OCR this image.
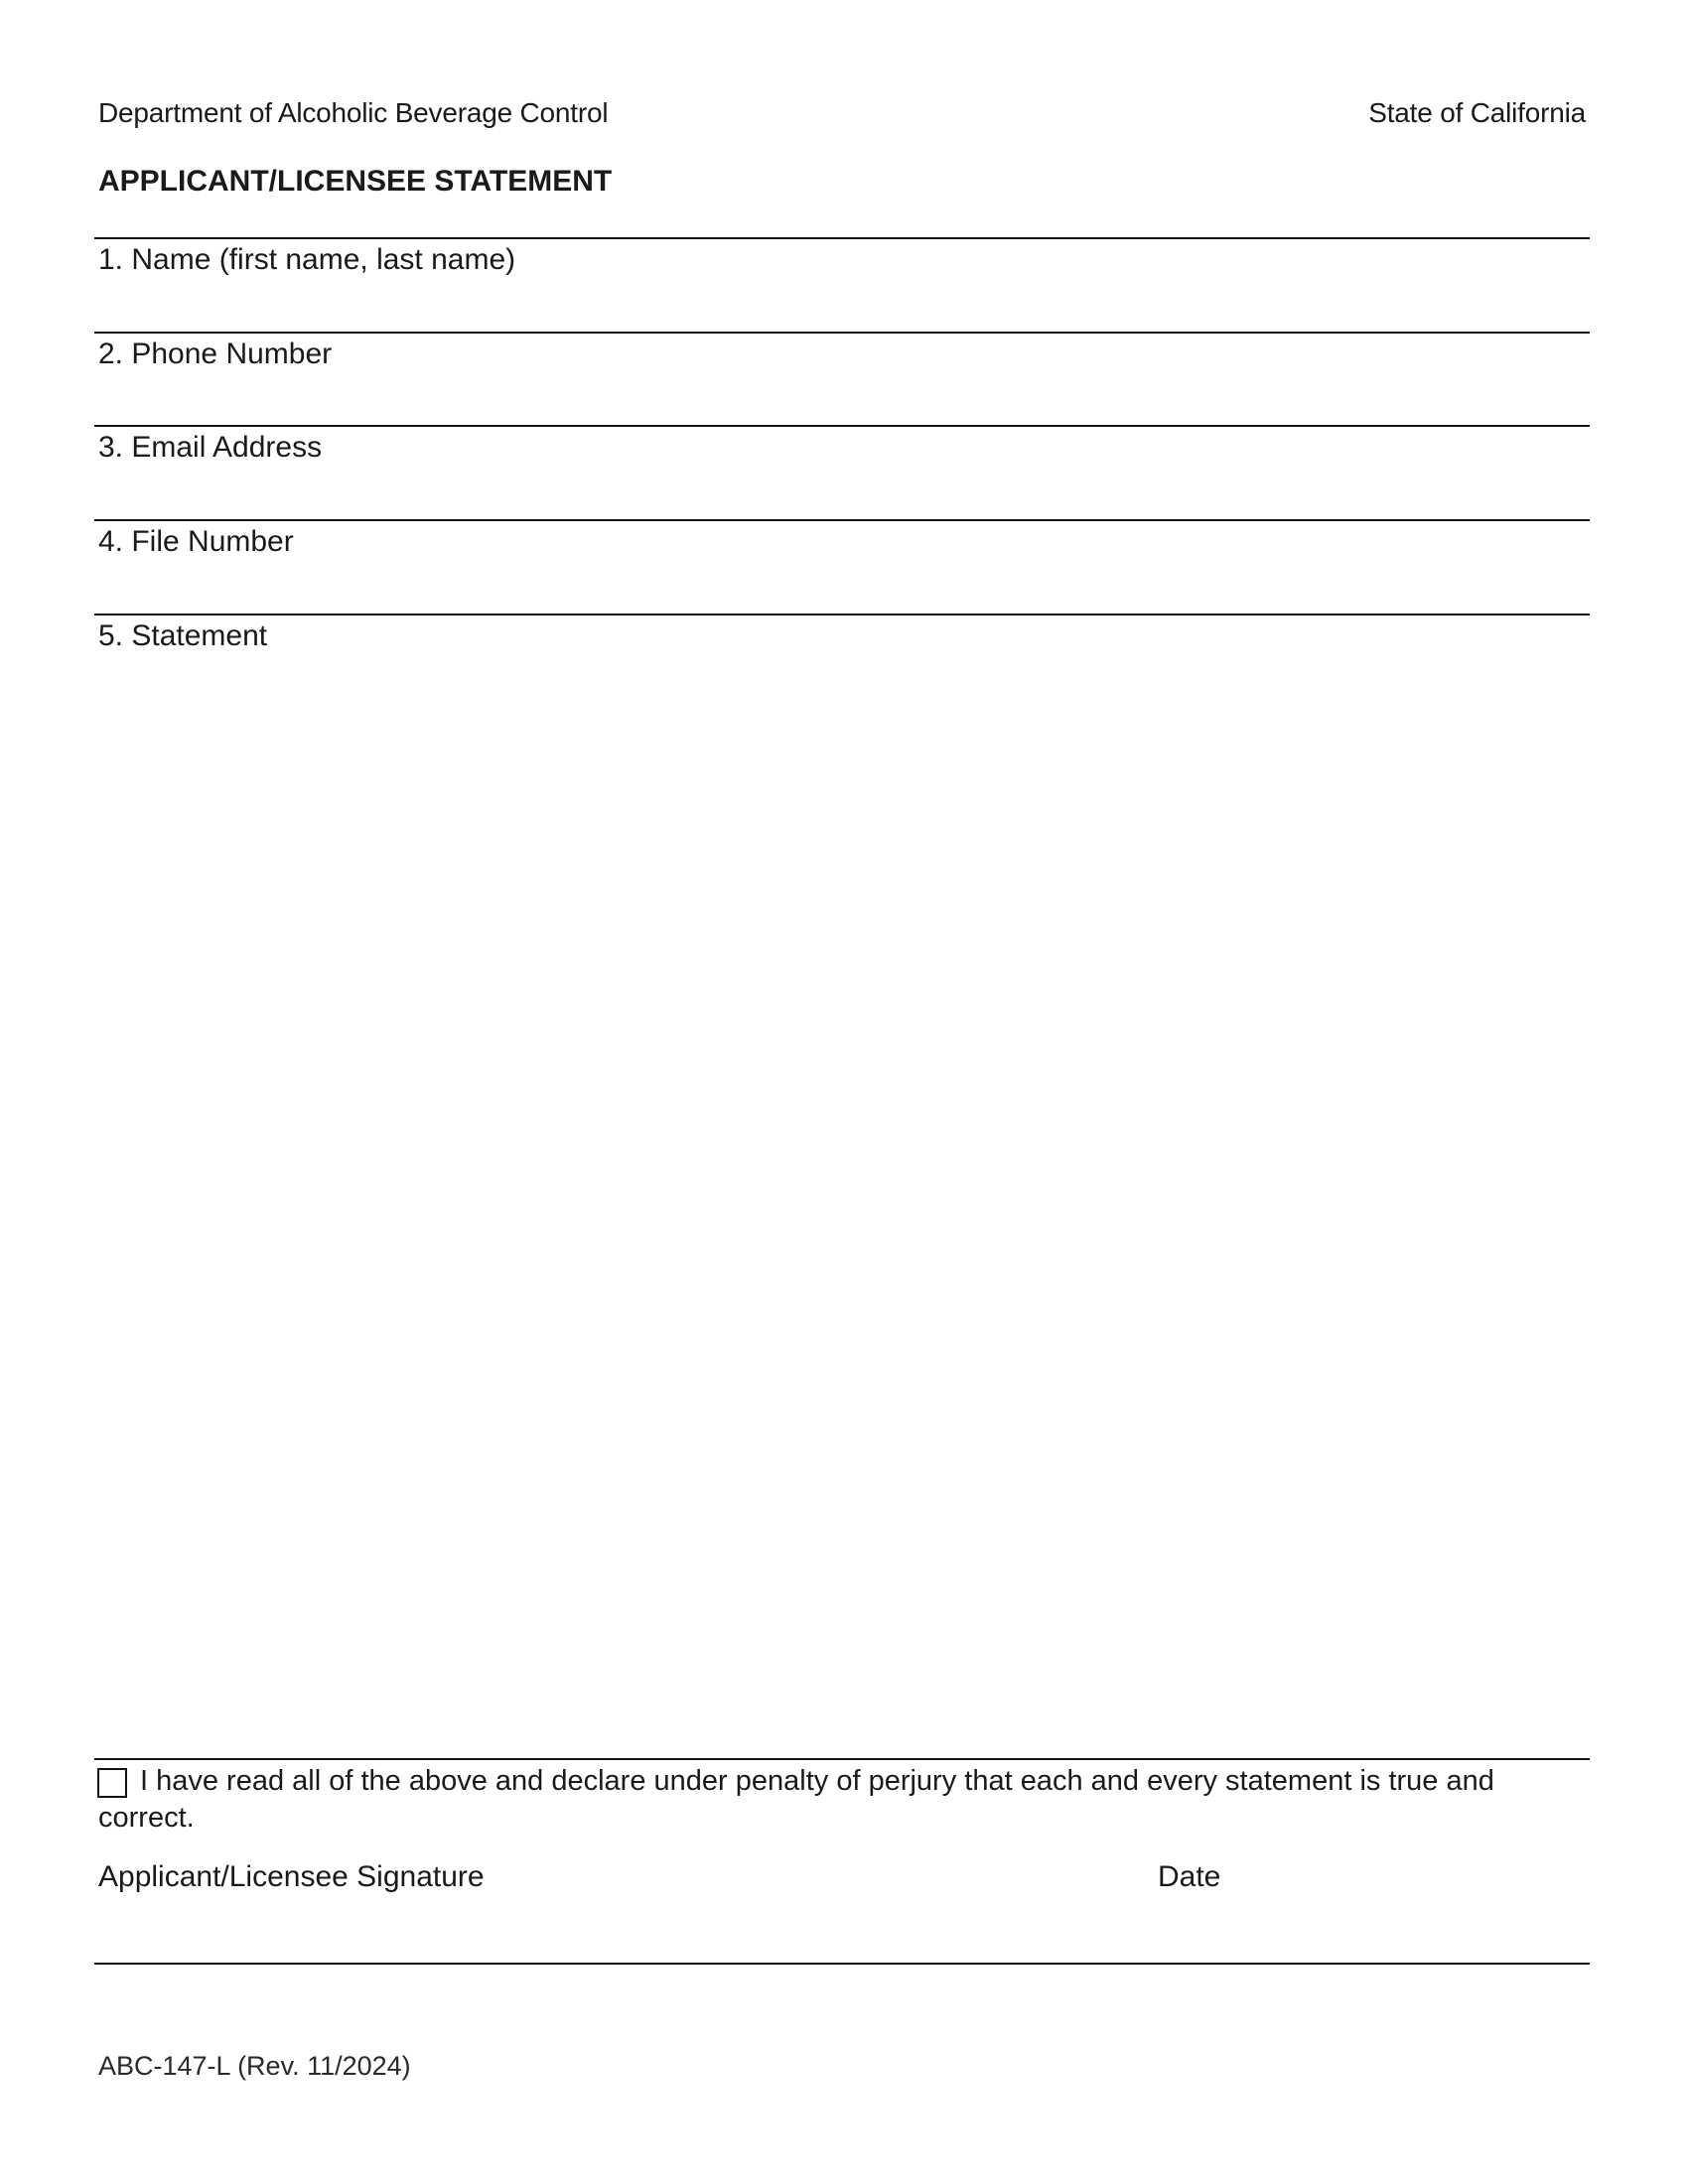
Department of Alcoholic Beverage Control	State of California
APPLICANT/LICENSEE STATEMENT
1. Name (first name, last name)
2. Phone Number
3. Email Address
4. File Number
5. Statement
I have read all of the above and declare under penalty of perjury that each and every statement is true and correct.
Applicant/Licensee Signature	Date
ABC-147-L (Rev. 11/2024)
